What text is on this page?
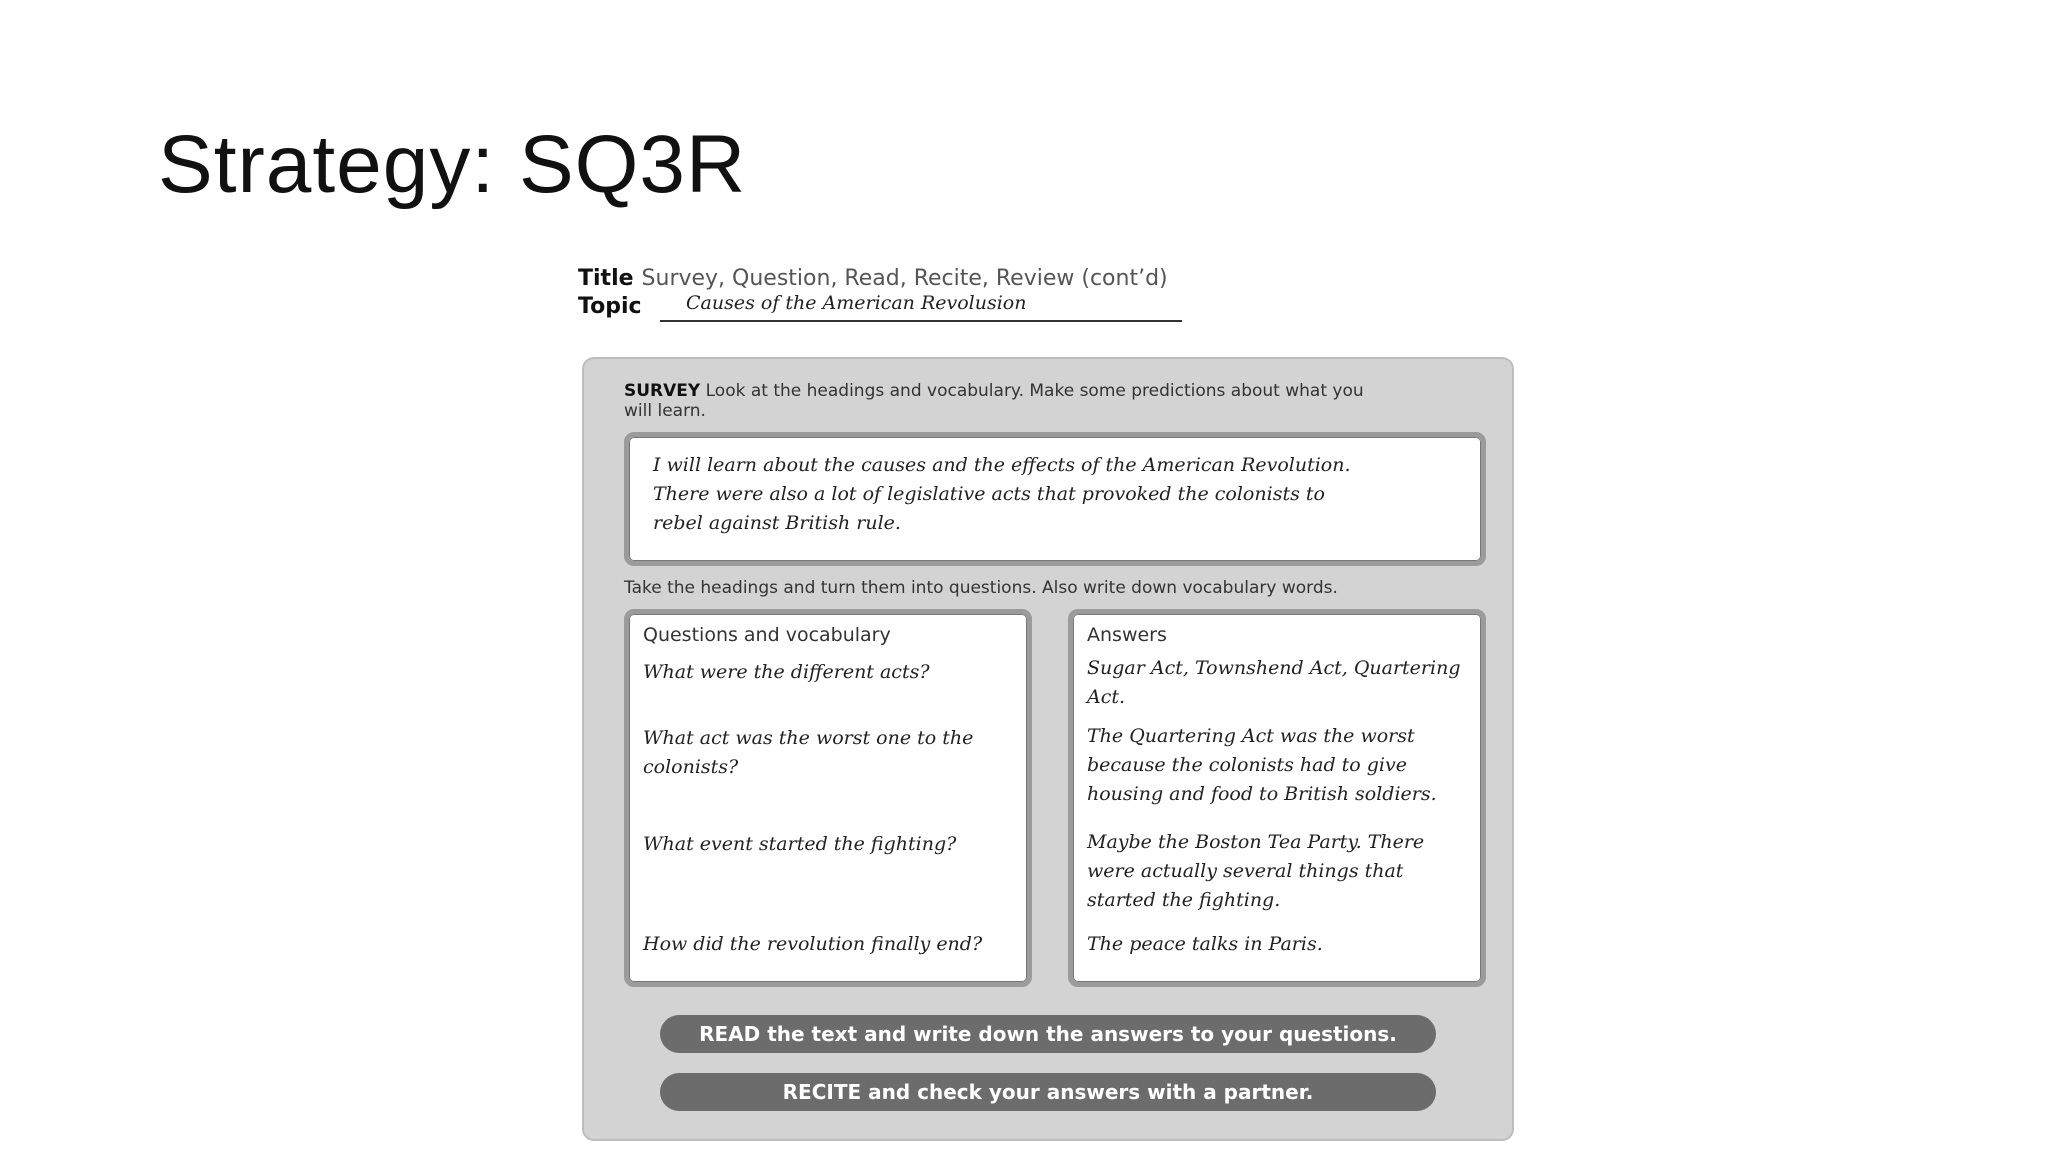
Strategy: SQ3R
Title Survey, Question, Read, Recite, Review (cont’d)
Topic Causes of the American Revolusion
SURVEY Look at the headings and vocabulary. Make some predictions about what you will learn.
I will learn about the causes and the effects of the American Revolution.
There were also a lot of legislative acts that provoked the colonists to
rebel against British rule.
Take the headings and turn them into questions. Also write down vocabulary words.
Questions and vocabulary
What were the different acts?
What act was the worst one to the colonists?
What event started the fighting?
How did the revolution finally end?
Answers
Sugar Act, Townshend Act, Quartering Act.
The Quartering Act was the worst because the colonists had to give housing and food to British soldiers.
Maybe the Boston Tea Party. There were actually several things that started the fighting.
The peace talks in Paris.
READ the text and write down the answers to your questions.
RECITE and check your answers with a partner.
